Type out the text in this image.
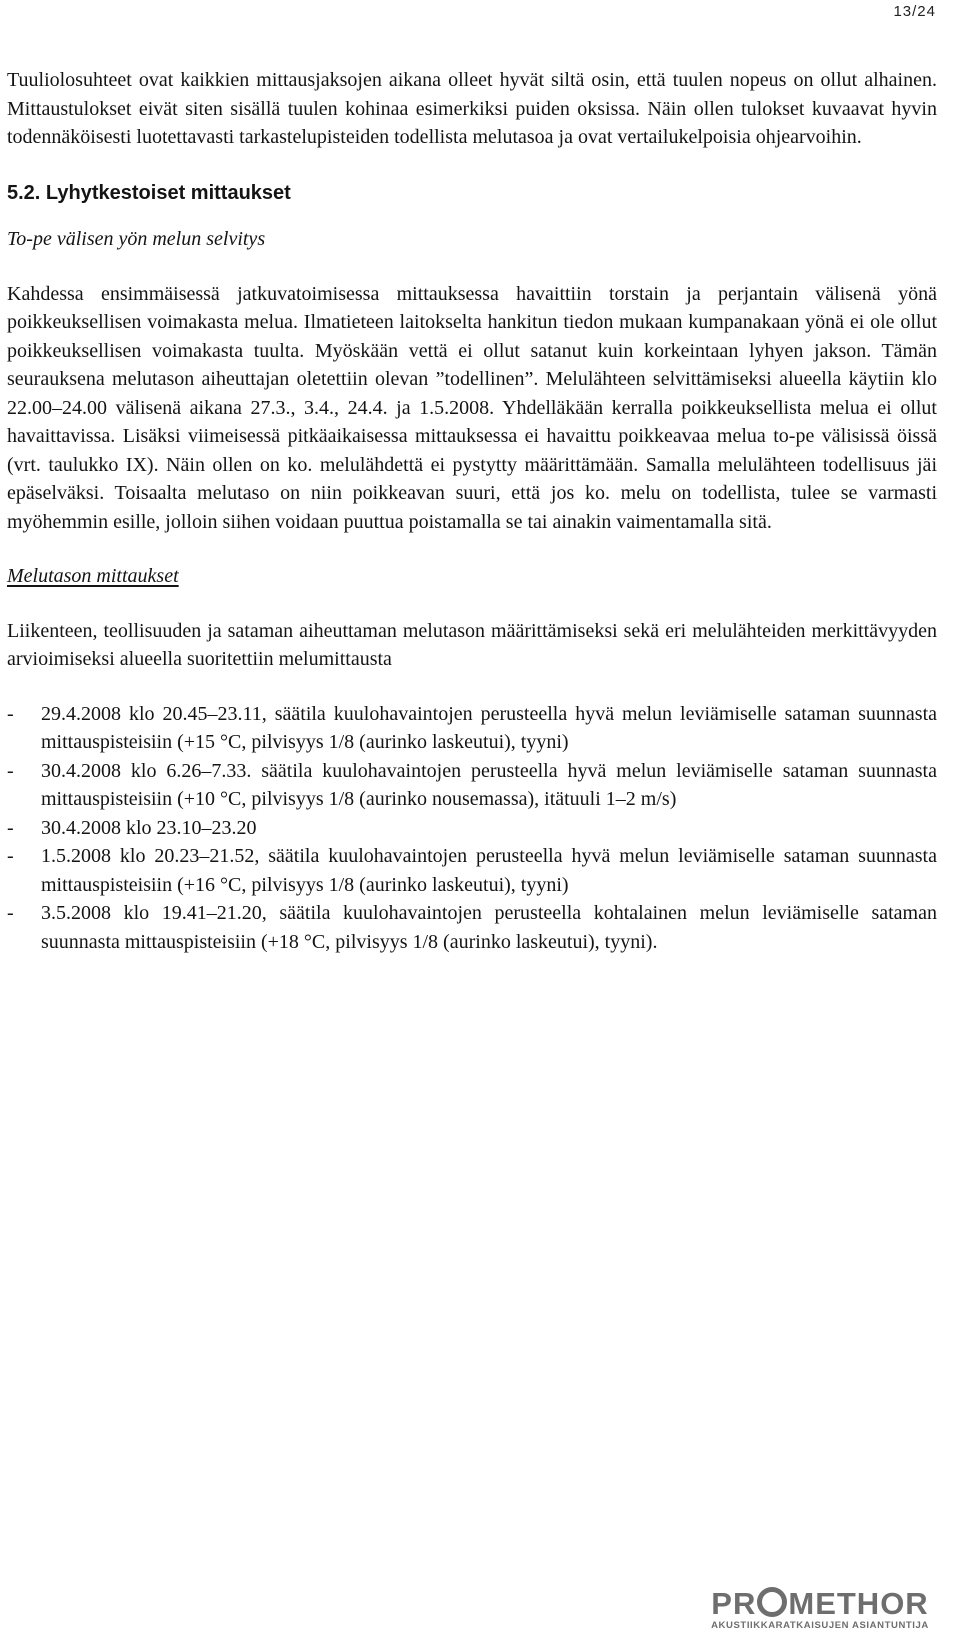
13/24

Tuuliolosuhteet ovat kaikkien mittausjaksojen aikana olleet hyvät siltä osin, että tuulen nopeus on ollut alhainen. Mittaustulokset eivät siten sisällä tuulen kohinaa esimerkiksi puiden oksissa. Näin ollen tulokset kuvaavat hyvin todennäköisesti luotettavasti tarkastelupisteiden todellista melutasoa ja ovat vertailukelpoisia ohjearvoihin.

5.2. Lyhytkestoiset mittaukset

To-pe välisen yön melun selvitys

Kahdessa ensimmäisessä jatkuvatoimisessa mittauksessa havaittiin torstain ja perjantain välisenä yönä poikkeuksellisen voimakasta melua. Ilmatieteen laitokselta hankitun tiedon mukaan kumpanakaan yönä ei ole ollut poikkeuksellisen voimakasta tuulta. Myöskään vettä ei ollut satanut kuin korkeintaan lyhyen jakson. Tämän seurauksena melutason aiheuttajan oletettiin olevan ”todellinen”. Melulähteen selvittämiseksi alueella käytiin klo 22.00–24.00 välisenä aikana 27.3., 3.4., 24.4. ja 1.5.2008. Yhdelläkään kerralla poikkeuksellista melua ei ollut havaittavissa. Lisäksi viimeisessä pitkäaikaisessa mittauksessa ei havaittu poikkeavaa melua to-pe välisissä öissä (vrt. taulukko IX). Näin ollen on ko. melulähdettä ei pystytty määrittämään. Samalla melulähteen todellisuus jäi epäselväksi. Toisaalta melutaso on niin poikkeavan suuri, että jos ko. melu on todellista, tulee se varmasti myöhemmin esille, jolloin siihen voidaan puuttua poistamalla se tai ainakin vaimentamalla sitä.

Melutason mittaukset

Liikenteen, teollisuuden ja sataman aiheuttaman melutason määrittämiseksi sekä eri melulähteiden merkittävyyden arvioimiseksi alueella suoritettiin melumittausta

-	29.4.2008 klo 20.45–23.11, säätila kuulohavaintojen perusteella hyvä melun leviämiselle sataman suunnasta mittauspisteisiin (+15 °C, pilvisyys 1/8 (aurinko laskeutui), tyyni)
-	30.4.2008 klo 6.26–7.33. säätila kuulohavaintojen perusteella hyvä melun leviämiselle sataman suunnasta mittauspisteisiin (+10 °C, pilvisyys 1/8 (aurinko nousemassa), itätuuli 1–2 m/s)
-	30.4.2008 klo 23.10–23.20
-	1.5.2008 klo 20.23–21.52, säätila kuulohavaintojen perusteella hyvä melun leviämiselle sataman suunnasta mittauspisteisiin (+16 °C, pilvisyys 1/8 (aurinko laskeutui), tyyni)
-	3.5.2008 klo 19.41–21.20, säätila kuulohavaintojen perusteella kohtalainen melun leviämiselle sataman suunnasta mittauspisteisiin (+18 °C, pilvisyys 1/8 (aurinko laskeutui), tyyni).
PR METHOR
AKUSTIIKKARATKAISUJEN ASIANTUNTIJA
